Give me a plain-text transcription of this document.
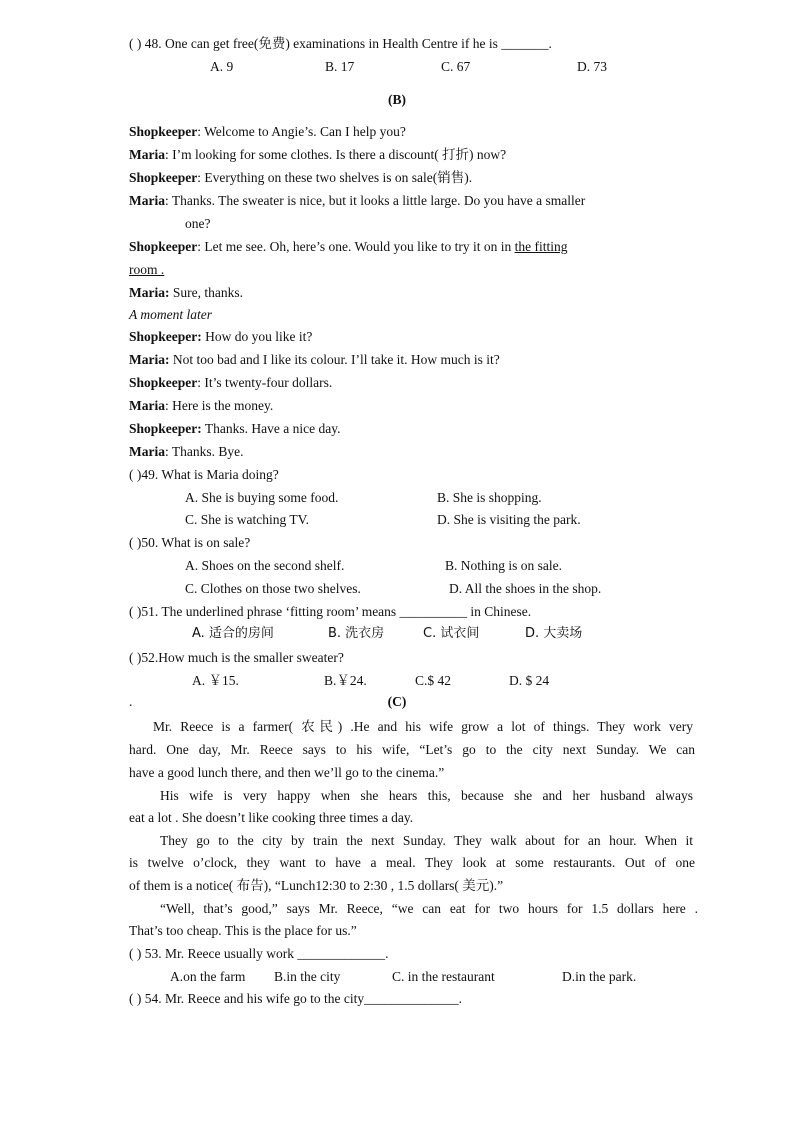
( ) 48. One can get free(免费) examinations in Health Centre if he is _______.
A. 9	B. 17	C. 67	D. 73
(B)
Shopkeeper: Welcome to Angie’s. Can I help you?
Maria: I’m looking for some clothes. Is there a discount( 打折) now?
Shopkeeper: Everything on these two shelves is on sale(销售).
Maria: Thanks. The sweater is nice, but it looks a little large. Do you have a smaller
one?
Shopkeeper: Let me see. Oh, here’s one. Would you like to try it on in the fitting
room .
Maria: Sure, thanks.
A moment later
Shopkeeper: How do you like it?
Maria: Not too bad and I like its colour. I’ll take it. How much is it?
Shopkeeper: It’s twenty-four dollars.
Maria: Here is the money.
Shopkeeper: Thanks. Have a nice day.
Maria: Thanks. Bye.
( )49. What is Maria doing?
A. She is buying some food.	B. She is shopping.
C. She is watching TV.	D. She is visiting the park.
( )50. What is on sale?
A. Shoes on the second shelf.	B. Nothing is on sale.
C. Clothes on those two shelves.	D. All the shoes in the shop.
( )51. The underlined phrase ‘fitting room’ means __________ in Chinese.
A. 适合的房间	B. 洗衣房	C. 试衣间	D. 大卖场
( )52.How much is the smaller sweater?
A. ￥15.	B.￥24.	C.$ 42	D. $ 24
.	(C)
Mr. Reece is a farmer( 农民) .He and his wife grow a lot of things. They work very
hard. One day, Mr. Reece says to his wife, “Let’s go to the city next Sunday. We can
have a good lunch there, and then we’ll go to the cinema.”
His wife is very happy when she hears this, because she and her husband always
eat a lot . She doesn’t like cooking three times a day.
They go to the city by train the next Sunday. They walk about for an hour. When it
is twelve o’clock, they want to have a meal. They look at some restaurants. Out of one
of them is a notice( 布告), “Lunch12:30 to 2:30 , 1.5 dollars( 美元).”
“Well, that’s good,” says Mr. Reece, “we can eat for two hours for 1.5 dollars here .
That’s too cheap. This is the place for us.”
( ) 53. Mr. Reece usually work _____________.
A.on the farm B.in the city	C. in the restaurant	D.in the park.
( ) 54. Mr. Reece and his wife go to the city______________.
